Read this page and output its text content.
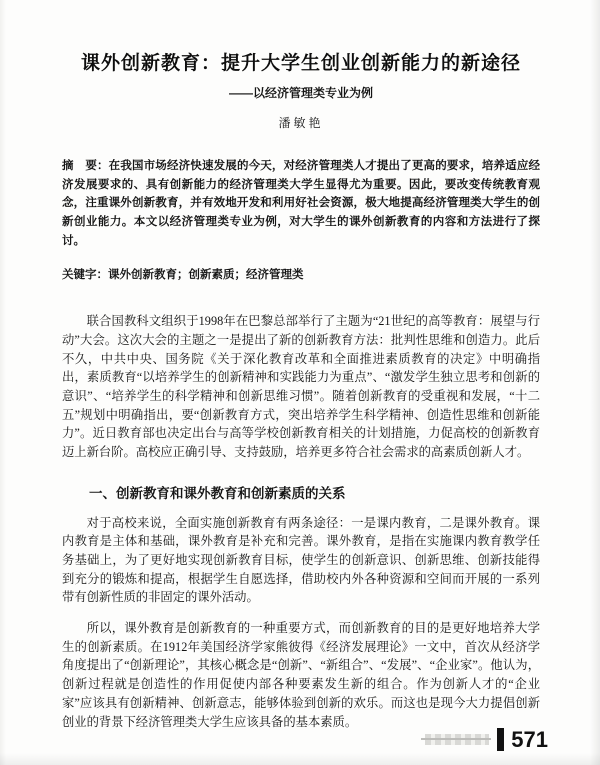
课外创新教育：提升大学生创业创新能力的新途径
——以经济管理类专业为例
潘敏艳

摘　要：在我国市场经济快速发展的今天，对经济管理类人才提出了更高的要求，培养适应经济发展要求的、具有创新能力的经济管理类大学生显得尤为重要。因此，要改变传统教育观念，注重课外创新教育，并有效地开发和利用好社会资源，极大地提高经济管理类大学生的创新创业能力。本文以经济管理类专业为例，对大学生的课外创新教育的内容和方法进行了探讨。

关键字：课外创新教育；创新素质；经济管理类

联合国教科文组织于1998年在巴黎总部举行了主题为“21世纪的高等教育：展望与行动”大会。这次大会的主题之一是提出了新的创新教育方法：批判性思维和创造力。此后不久，中共中央、国务院《关于深化教育改革和全面推进素质教育的决定》中明确指出，素质教育“以培养学生的创新精神和实践能力为重点”、“激发学生独立思考和创新的意识”、“培养学生的科学精神和创新思维习惯”。随着创新教育的受重视和发展，“十二五”规划中明确指出，要“创新教育方式，突出培养学生科学精神、创造性思维和创新能力”。近日教育部也决定出台与高等学校创新教育相关的计划措施，力促高校的创新教育迈上新台阶。高校应正确引导、支持鼓励，培养更多符合社会需求的高素质创新人才。

一、创新教育和课外教育和创新素质的关系

对于高校来说，全面实施创新教育有两条途径：一是课内教育，二是课外教育。课内教育是主体和基础，课外教育是补充和完善。课外教育，是指在实施课内教育教学任务基础上，为了更好地实现创新教育目标，使学生的创新意识、创新思维、创新技能得到充分的锻炼和提高，根据学生自愿选择，借助校内外各种资源和空间而开展的一系列带有创新性质的非固定的课外活动。

所以，课外教育是创新教育的一种重要方式，而创新教育的目的是更好地培养大学生的创新素质。在1912年美国经济学家熊彼得《经济发展理论》一文中，首次从经济学角度提出了“创新理论”，其核心概念是“创新”、“新组合”、“发展”、“企业家”。他认为，创新过程就是创造性的作用促使内部各种要素发生新的组合。作为创新人才的“企业家”应该具有创新精神、创新意志，能够体验到创新的欢乐。而这也是现今大力提倡创新创业的背景下经济管理类大学生应该具备的基本素质。

571
